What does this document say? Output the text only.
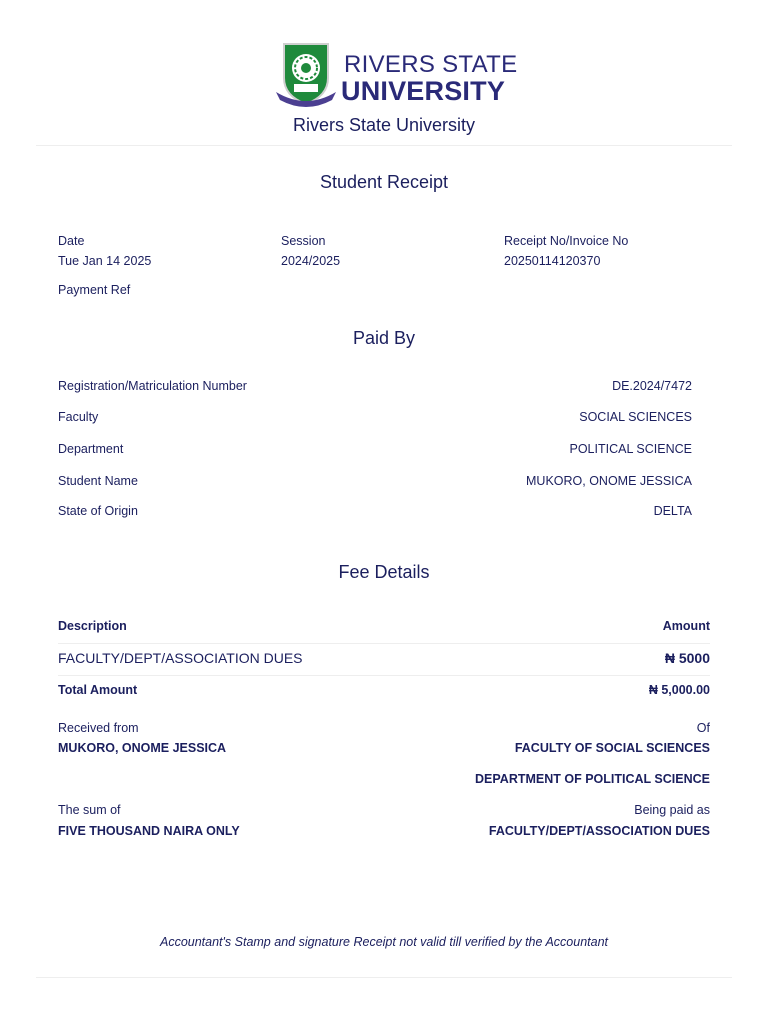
RIVERS STATE
UNIVERSITY
Rivers State University
Student Receipt
Date
Tue Jan 14 2025
Session
2024/2025
Receipt No/Invoice No
20250114120370
Payment Ref
Paid By
Registration/Matriculation Number	DE.2024/7472
Faculty	SOCIAL SCIENCES
Department	POLITICAL SCIENCE
Student Name	MUKORO, ONOME JESSICA
State of Origin	DELTA
Fee Details
Description	Amount
FACULTY/DEPT/ASSOCIATION DUES	₦ 5000
Total Amount	₦ 5,000.00
Received from
MUKORO, ONOME JESSICA
Of
FACULTY OF SOCIAL SCIENCES
DEPARTMENT OF POLITICAL SCIENCE
The sum of
FIVE THOUSAND NAIRA ONLY
Being paid as
FACULTY/DEPT/ASSOCIATION DUES
Accountant's Stamp and signature Receipt not valid till verified by the Accountant
